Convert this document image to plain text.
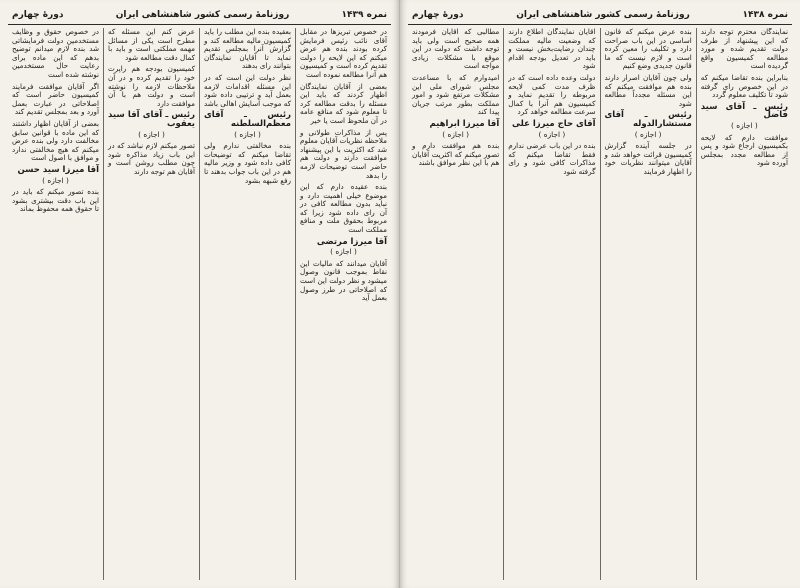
نمره ۱۴۳۹
روزنامهٔ رسمی کشور شاهنشاهی ایران
دورهٔ چهارم

در خصوص تبریزها در مقابل آقای نائب رئیس فرمایش کرده بودند بنده هم عرض میکنم که این لایحه را دولت تقدیم کرده است و کمیسیون هم آنرا مطالعه نموده است

بعضی از آقایان نمایندگان اظهار کردند که باید این مسئله را بدقت مطالعه کرد تا معلوم شود که منافع عامه در آن ملحوظ است یا خیر

پس از مذاکرات طولانی و ملاحظه نظریات آقایان معلوم شد که اکثریت با این پیشنهاد موافقت دارند و دولت هم حاضر است توضیحات لازمه را بدهد

بنده عقیده دارم که این موضوع خیلی اهمیت دارد و نباید بدون مطالعه کافی در آن رای داده شود زیرا که مربوط بحقوق ملت و منافع مملکت است

آقا میرزا مرتضی
( اجازه )

آقایان میدانند که مالیات این نقاط بموجب قانون وصول میشود و نظر دولت این است که اصلاحاتی در طرز وصول بعمل آید

بعقیده بنده این مطلب را باید کمیسیون مالیه مطالعه کند و گزارش آنرا بمجلس تقدیم نماید تا آقایان نمایندگان بتوانند رای بدهند

نظر دولت این است که در این مسئله اقدامات لازمه بعمل آید و ترتیبی داده شود که موجب آسایش اهالی باشد

رئیس ـ آقای معظم‌السلطنه
( اجازه )

بنده مخالفتی ندارم ولی تقاضا میکنم که توضیحات کافی داده شود و وزیر مالیه هم در این باب جواب بدهند تا رفع شبهه بشود

عرض کنم این مسئله که مطرح است یکی از مسائل مهمه مملکتی است و باید با کمال دقت مطالعه شود

کمیسیون بودجه هم راپرت خود را تقدیم کرده و در آن ملاحظات لازمه را نوشته است و دولت هم با آن موافقت دارد

رئیس ـ آقای آقا سید یعقوب
( اجازه )

تصور میکنم لازم نباشد که در این باب زیاد مذاکره شود چون مطلب روشن است و آقایان هم توجه دارند

در خصوص حقوق و وظایف مستخدمین دولت فرمایشاتی شد بنده لازم میدانم توضیح بدهم که این ماده برای رعایت حال مستخدمین نوشته شده است

اگر آقایان موافقت فرمایند کمیسیون حاضر است که اصلاحاتی در عبارت بعمل آورد و بعد بمجلس تقدیم کند

بعضی از آقایان اظهار داشتند که این ماده با قوانین سابق مخالفت دارد ولی بنده عرض میکنم که هیچ مخالفتی ندارد و موافق با اصول است

آقا میرزا سید حسن
( اجازه )

بنده تصور میکنم که باید در این باب دقت بیشتری بشود تا حقوق همه محفوظ بماند

نمره ۱۴۳۸
روزنامهٔ رسمی کشور شاهنشاهی ایران
دورهٔ چهارم

نمایندگان محترم توجه دارند که این پیشنهاد از طرف دولت تقدیم شده و مورد مطالعه کمیسیون واقع گردیده است

بنابراین بنده تقاضا میکنم که در این خصوص رای گرفته شود تا تکلیف معلوم گردد

رئیس ـ آقای سید فاضل
( اجازه )

موافقت دارم که لایحه بکمیسیون ارجاع شود و پس از مطالعه مجدد بمجلس آورده شود

بنده عرض میکنم که قانون اساسی در این باب صراحت دارد و تکلیف را معین کرده است و لازم نیست که ما قانون جدیدی وضع کنیم

ولی چون آقایان اصرار دارند بنده هم موافقت میکنم که این مسئله مجدداً مطالعه شود

رئیس ـ آقای مستشارالدوله
( اجازه )

در جلسه آینده گزارش کمیسیون قرائت خواهد شد و آقایان میتوانند نظریات خود را اظهار فرمایند

آقایان نمایندگان اطلاع دارند که وضعیت مالیه مملکت چندان رضایت‌بخش نیست و باید در تعدیل بودجه اقدام شود

دولت وعده داده است که در ظرف مدت کمی لایحه مربوطه را تقدیم نماید و کمیسیون هم آنرا با کمال سرعت مطالعه خواهد کرد

آقای حاج میرزا علی
( اجازه )

بنده در این باب عرضی ندارم فقط تقاضا میکنم که مذاکرات کافی شود و رای گرفته شود

مطالبی که آقایان فرمودند همه صحیح است ولی باید توجه داشت که دولت در این موقع با مشکلات زیادی مواجه است

امیدوارم که با مساعدت مجلس شورای ملی این مشکلات مرتفع شود و امور مملکت بطور مرتب جریان پیدا کند

آقا میرزا ابراهیم
( اجازه )

بنده هم موافقت دارم و تصور میکنم که اکثریت آقایان هم با این نظر موافق باشند
